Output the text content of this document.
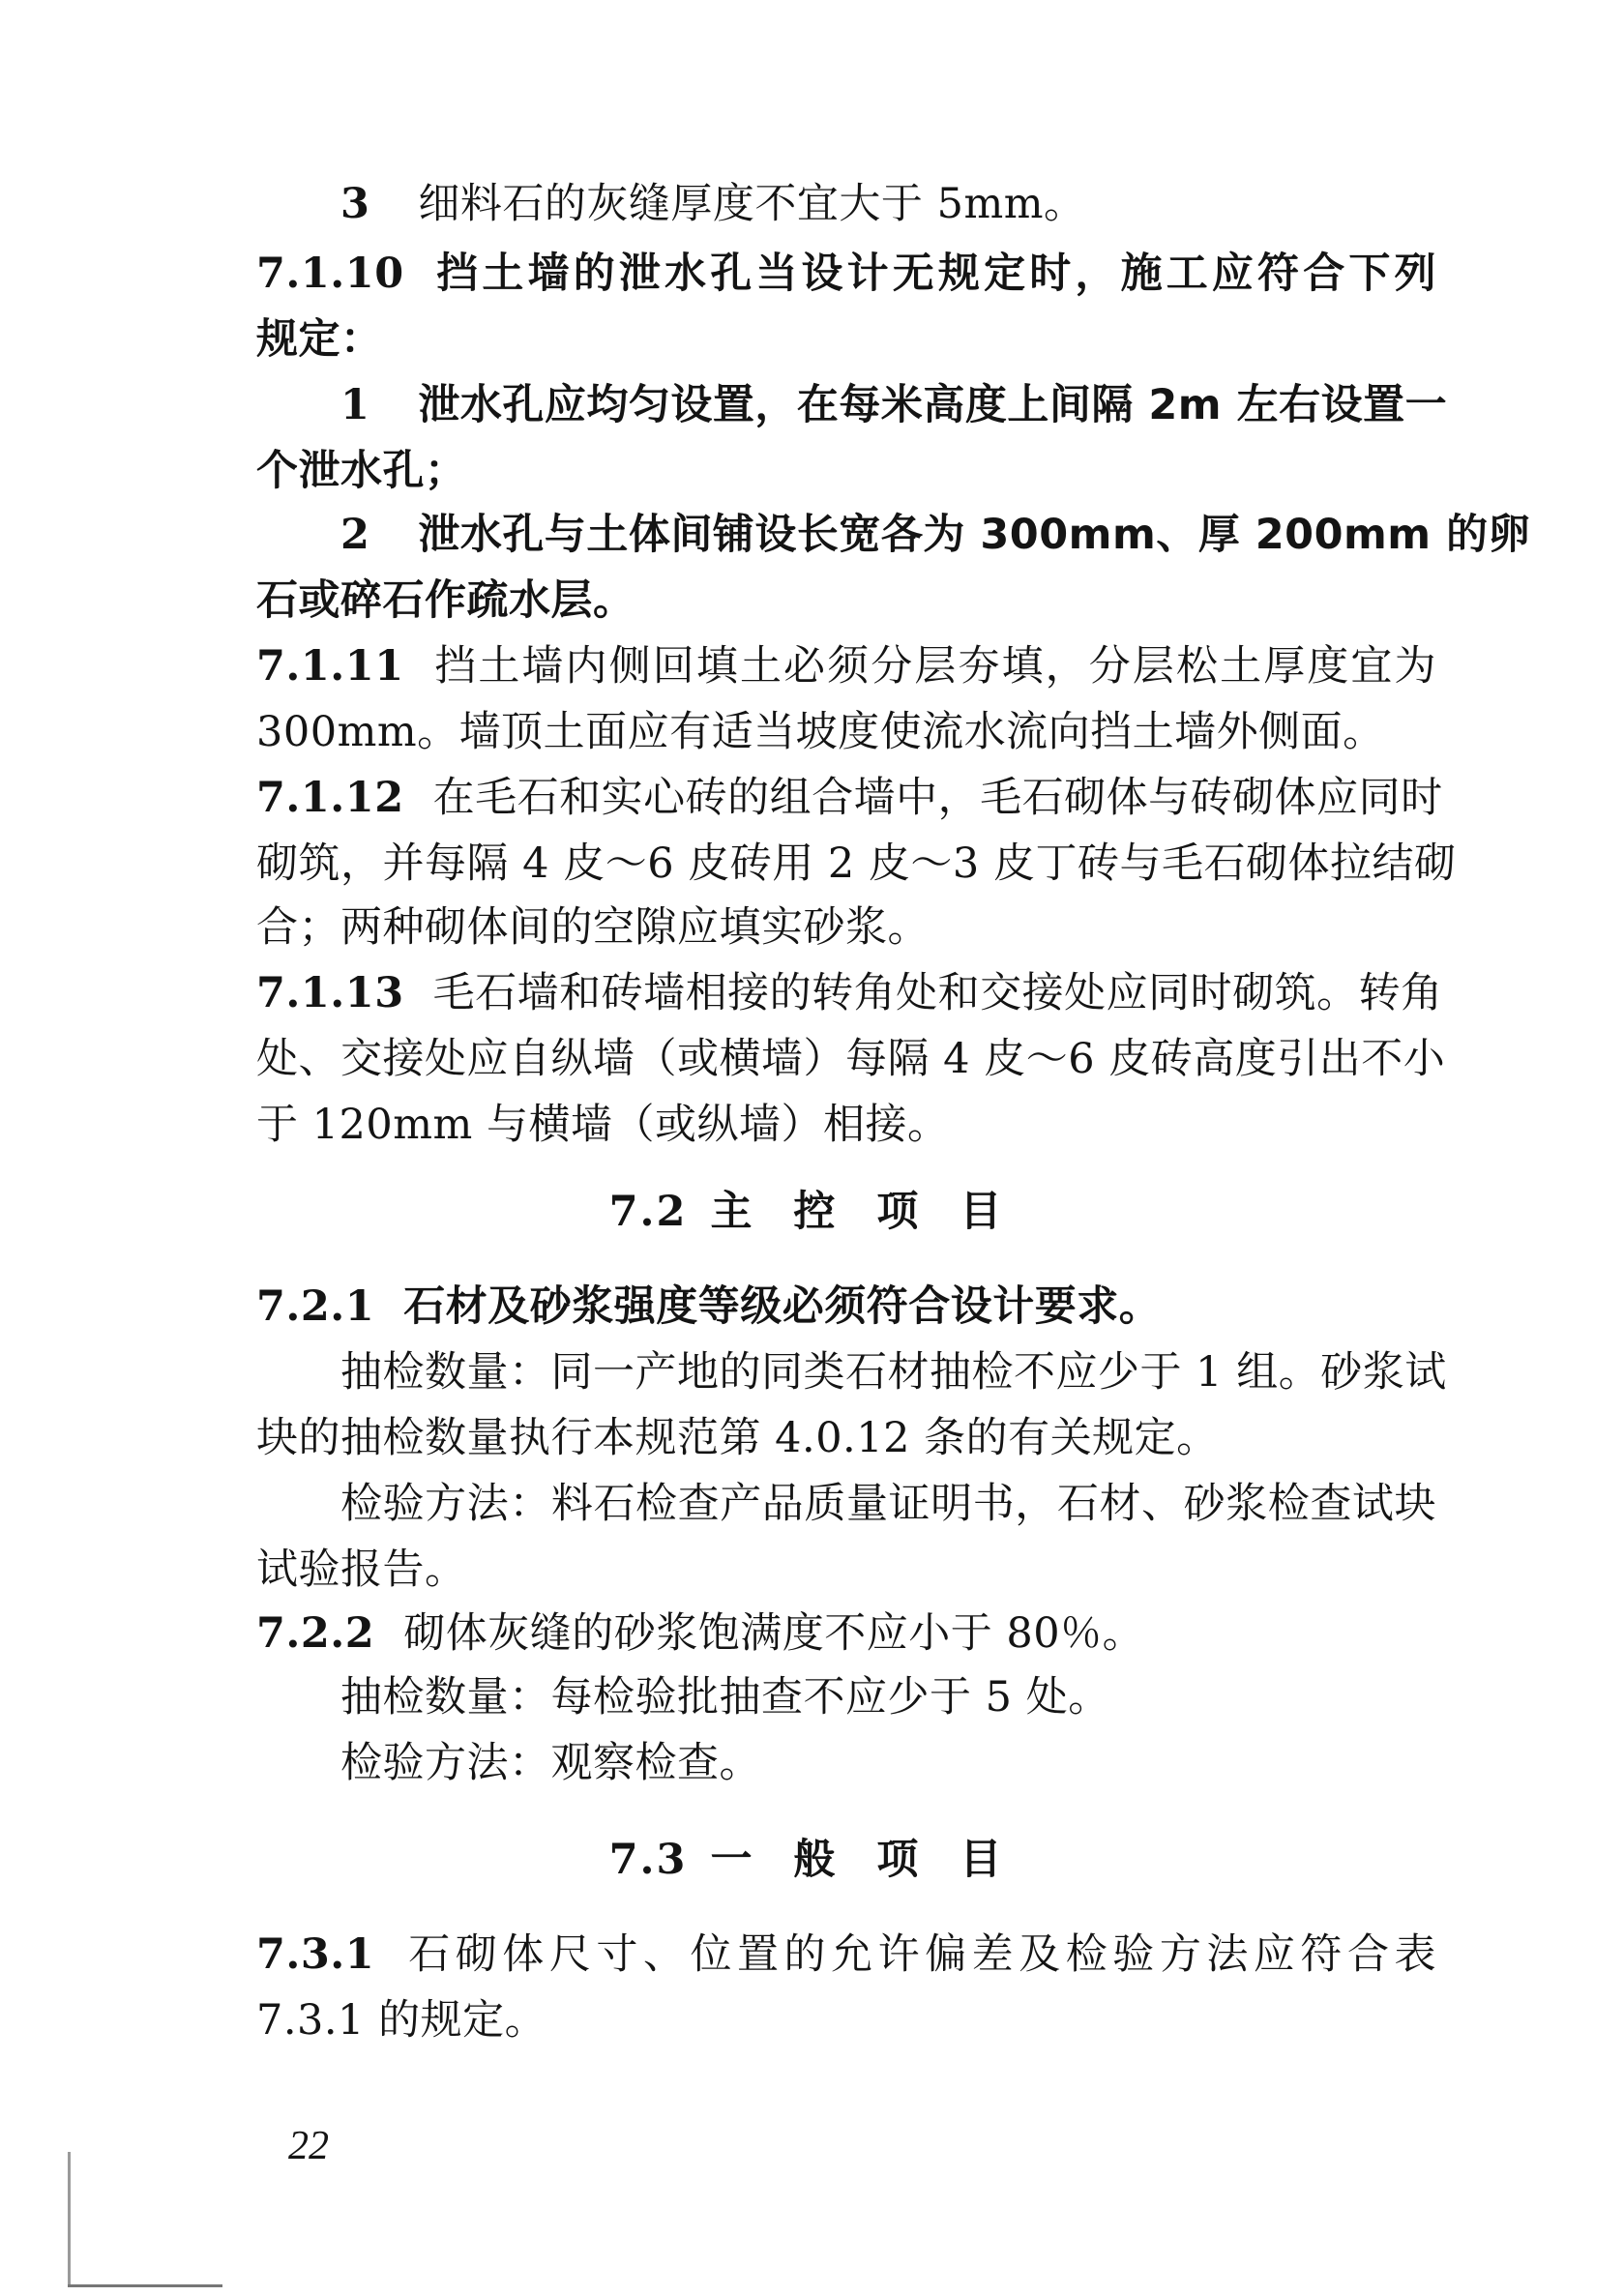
3 细料石的灰缝厚度不宜大于 5mm。
7.1.10 挡土墙的泄水孔当设计无规定时，施工应符合下列
规定：
1 泄水孔应均匀设置，在每米高度上间隔 2m 左右设置一
个泄水孔；
2 泄水孔与土体间铺设长宽各为 300mm、厚 200mm 的卵
石或碎石作疏水层。
7.1.11 挡土墙内侧回填土必须分层夯填，分层松土厚度宜为
300mm。墙顶土面应有适当坡度使流水流向挡土墙外侧面。
7.1.12 在毛石和实心砖的组合墙中，毛石砌体与砖砌体应同时
砌筑，并每隔 4 皮～6 皮砖用 2 皮～3 皮丁砖与毛石砌体拉结砌
合；两种砌体间的空隙应填实砂浆。
7.1.13 毛石墙和砖墙相接的转角处和交接处应同时砌筑。转角
处、交接处应自纵墙（或横墙）每隔 4 皮～6 皮砖高度引出不小
于 120mm 与横墙（或纵墙）相接。
7.2 主 控 项 目
7.2.1 石材及砂浆强度等级必须符合设计要求。
抽检数量：同一产地的同类石材抽检不应少于 1 组。砂浆试
块的抽检数量执行本规范第 4.0.12 条的有关规定。
检验方法：料石检查产品质量证明书，石材、砂浆检查试块
试验报告。
7.2.2 砌体灰缝的砂浆饱满度不应小于 80％。
抽检数量：每检验批抽查不应少于 5 处。
检验方法：观察检查。
7.3 一 般 项 目
7.3.1 石砌体尺寸、位置的允许偏差及检验方法应符合表
7.3.1 的规定。
22
